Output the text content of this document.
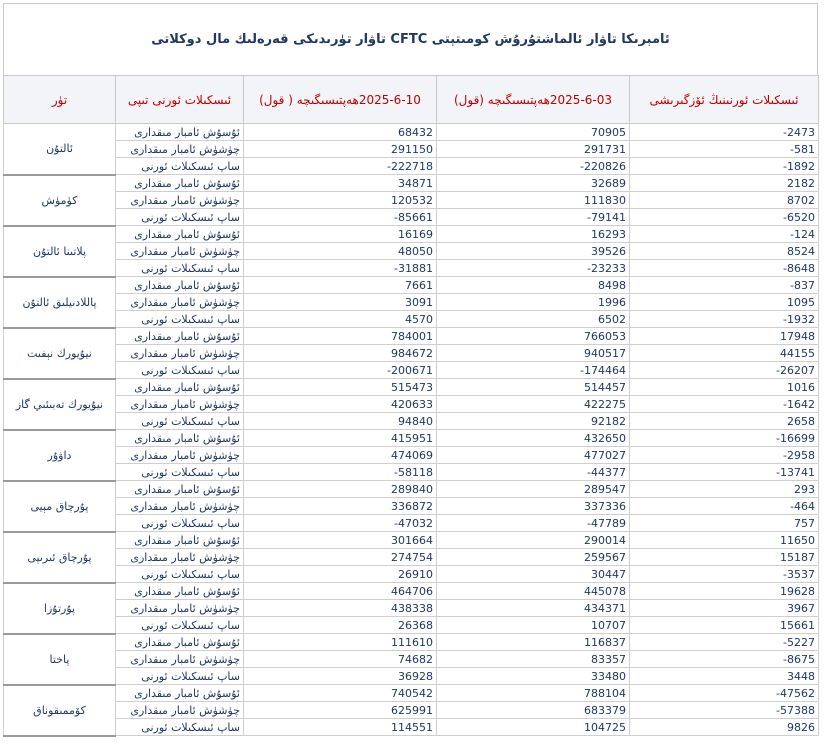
ئامېرىكا تاۋار ئالماشتۇرۇش كومىتېتى CFTC تاۋار تۈرىدىكى قەرەلىك مال دوكلاتى
تۈر	ئىسكىلات ئورنى تىپى	2025-6-10ھەپتىسىگىچە ( قول)	2025-6-03ھەپتىسىگىچە (قول)	ئىسكىلات ئورنىنىڭ ئۆزگىرىشى
ئالتۇن	ئۇسۇش ئامبار مىقدارى	68432	70905	-2473
	چۈشۈش ئامبار مىقدارى	291150	291731	-581
	ساپ ئىسكىلات ئورنى	-222718	-220826	-1892
كۈمۈش	ئۇسۇش ئامبار مىقدارى	34871	32689	2182
	چۈشۈش ئامبار مىقدارى	120532	111830	8702
	ساپ ئىسكىلات ئورنى	-85661	-79141	-6520
پلاتىنا ئالتۇن	ئۇسۇش ئامبار مىقدارى	16169	16293	-124
	چۈشۈش ئامبار مىقدارى	48050	39526	8524
	ساپ ئىسكىلات ئورنى	-31881	-23233	-8648
پاللادىيلىق ئالتۇن	ئۇسۇش ئامبار مىقدارى	7661	8498	-837
	چۈشۈش ئامبار مىقدارى	3091	1996	1095
	ساپ ئىسكىلات ئورنى	4570	6502	-1932
نيۇيورك نېفىت	ئۇسۇش ئامبار مىقدارى	784001	766053	17948
	چۈشۈش ئامبار مىقدارى	984672	940517	44155
	ساپ ئىسكىلات ئورنى	-200671	-174464	-26207
نيۇيورك تەبىئىي گاز	ئۇسۇش ئامبار مىقدارى	515473	514457	1016
	چۈشۈش ئامبار مىقدارى	420633	422275	-1642
	ساپ ئىسكىلات ئورنى	94840	92182	2658
داۋۇر	ئۇسۇش ئامبار مىقدارى	415951	432650	-16699
	چۈشۈش ئامبار مىقدارى	474069	477027	-2958
	ساپ ئىسكىلات ئورنى	-58118	-44377	-13741
پۇرچاق مېيى	ئۇسۇش ئامبار مىقدارى	289840	289547	293
	چۈشۈش ئامبار مىقدارى	336872	337336	-464
	ساپ ئىسكىلات ئورنى	-47032	-47789	757
پۇرچاق ئىرىپى	ئۇسۇش ئامبار مىقدارى	301664	290014	11650
	چۈشۈش ئامبار مىقدارى	274754	259567	15187
	ساپ ئىسكىلات ئورنى	26910	30447	-3537
پۇرتۇزا	ئۇسۇش ئامبار مىقدارى	464706	445078	19628
	چۈشۈش ئامبار مىقدارى	438338	434371	3967
	ساپ ئىسكىلات ئورنى	26368	10707	15661
پاختا	ئۇسۇش ئامبار مىقدارى	111610	116837	-5227
	چۈشۈش ئامبار مىقدارى	74682	83357	-8675
	ساپ ئىسكىلات ئورنى	36928	33480	3448
كۆممىقوناق	ئۇسۇش ئامبار مىقدارى	740542	788104	-47562
	چۈشۈش ئامبار مىقدارى	625991	683379	-57388
	ساپ ئىسكىلات ئورنى	114551	104725	9826
